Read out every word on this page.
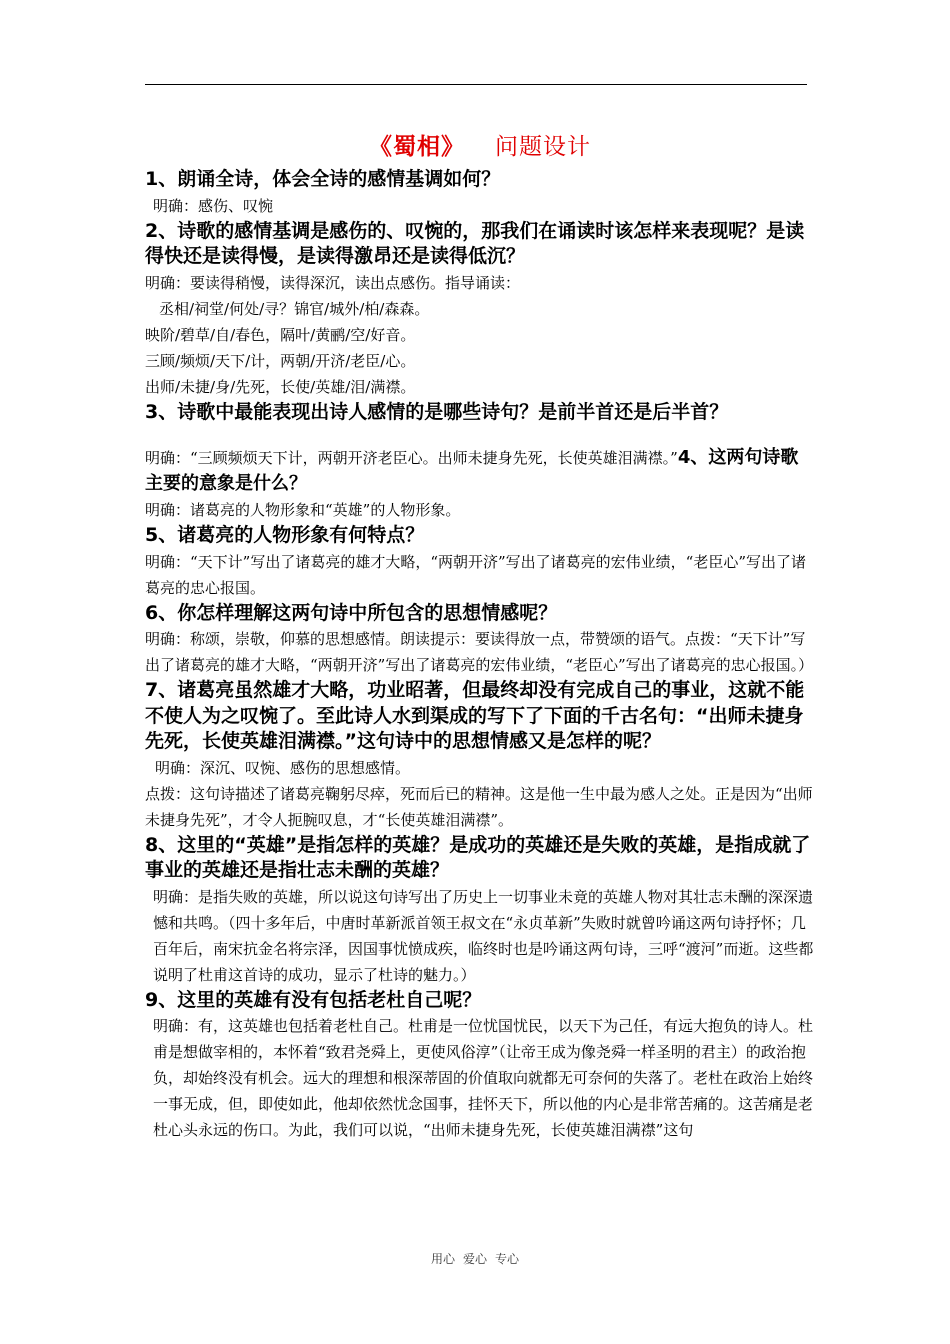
《蜀相》 问题设计

1、朗诵全诗，体会全诗的感情基调如何？

明确：感伤、叹惋

2、诗歌的感情基调是感伤的、叹惋的，那我们在诵读时该怎样来表现呢？是读得快还是读得慢，是读得激昂还是读得低沉？

明确：要读得稍慢，读得深沉，读出点感伤。指导诵读：

丞相/祠堂/何处/寻？锦官/城外/柏/森森。

映阶/碧草/自/春色，隔叶/黄鹂/空/好音。

三顾/频烦/天下/计，两朝/开济/老臣/心。

出师/未捷/身/先死，长使/英雄/泪/满襟。

3、诗歌中最能表现出诗人感情的是哪些诗句？是前半首还是后半首？

明确：“三顾频烦天下计，两朝开济老臣心。出师未捷身先死，长使英雄泪满襟。”4、这两句诗歌主要的意象是什么？

明确：诸葛亮的人物形象和“英雄”的人物形象。

5、诸葛亮的人物形象有何特点？

明确：“天下计”写出了诸葛亮的雄才大略，“两朝开济”写出了诸葛亮的宏伟业绩，“老臣心”写出了诸葛亮的忠心报国。

6、你怎样理解这两句诗中所包含的思想情感呢？

明确：称颂，崇敬，仰慕的思想感情。朗读提示：要读得放一点，带赞颂的语气。点拨：“天下计”写出了诸葛亮的雄才大略，“两朝开济”写出了诸葛亮的宏伟业绩，“老臣心”写出了诸葛亮的忠心报国。）

7、诸葛亮虽然雄才大略，功业昭著，但最终却没有完成自己的事业，这就不能不使人为之叹惋了。至此诗人水到渠成的写下了下面的千古名句：“出师未捷身先死，长使英雄泪满襟。”这句诗中的思想情感又是怎样的呢？

明确：深沉、叹惋、感伤的思想感情。

点拨：这句诗描述了诸葛亮鞠躬尽瘁，死而后已的精神。这是他一生中最为感人之处。正是因为“出师未捷身先死”，才令人扼腕叹息，才“长使英雄泪满襟”。

8、这里的“英雄”是指怎样的英雄？是成功的英雄还是失败的英雄，是指成就了事业的英雄还是指壮志未酬的英雄？

明确：是指失败的英雄，所以说这句诗写出了历史上一切事业未竟的英雄人物对其壮志未酬的深深遗憾和共鸣。（四十多年后，中唐时革新派首领王叔文在“永贞革新”失败时就曾吟诵这两句诗抒怀；几百年后，南宋抗金名将宗泽，因国事忧愤成疾，临终时也是吟诵这两句诗，三呼“渡河”而逝。这些都说明了杜甫这首诗的成功，显示了杜诗的魅力。）

9、这里的英雄有没有包括老杜自己呢？

明确：有，这英雄也包括着老杜自己。杜甫是一位忧国忧民，以天下为己任，有远大抱负的诗人。杜甫是想做宰相的，本怀着“致君尧舜上，更使风俗淳”（让帝王成为像尧舜一样圣明的君主）的政治抱负，却始终没有机会。远大的理想和根深蒂固的价值取向就都无可奈何的失落了。老杜在政治上始终一事无成，但，即使如此，他却依然忧念国事，挂怀天下，所以他的内心是非常苦痛的。这苦痛是老杜心头永远的伤口。为此，我们可以说，“出师未捷身先死，长使英雄泪满襟”这句

用心 爱心 专心
